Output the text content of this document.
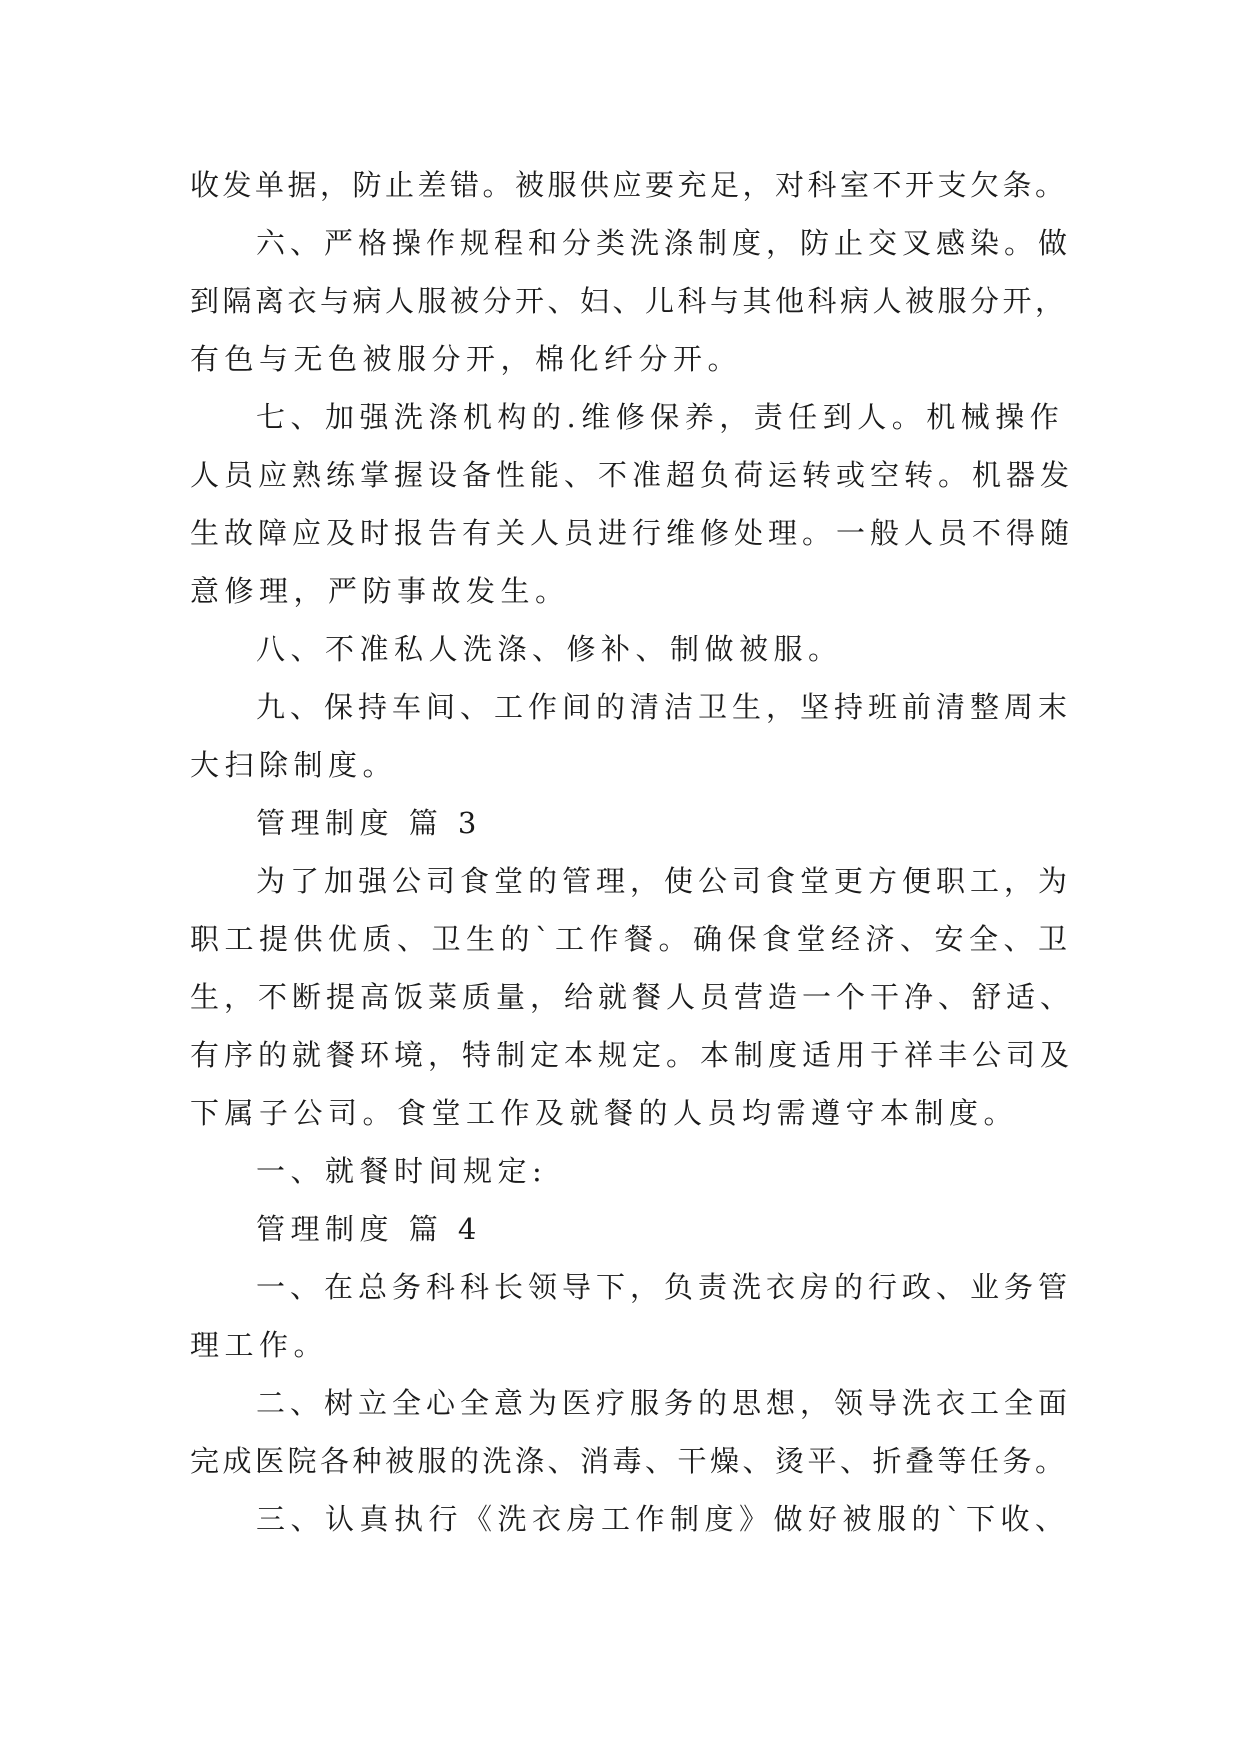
收发单据，防止差错。被服供应要充足，对科室不开支欠条。
六、严格操作规程和分类洗涤制度，防止交叉感染。做
到隔离衣与病人服被分开、妇、儿科与其他科病人被服分开，
有色与无色被服分开，棉化纤分开。
七、加强洗涤机构的.维修保养，责任到人。机械操作
人员应熟练掌握设备性能、不准超负荷运转或空转。机器发
生故障应及时报告有关人员进行维修处理。一般人员不得随
意修理，严防事故发生。
八、不准私人洗涤、修补、制做被服。
九、保持车间、工作间的清洁卫生，坚持班前清整周末
大扫除制度。
管理制度 篇 3
为了加强公司食堂的管理，使公司食堂更方便职工，为
职工提供优质、卫生的`工作餐。确保食堂经济、安全、卫
生，不断提高饭菜质量，给就餐人员营造一个干净、舒适、
有序的就餐环境，特制定本规定。本制度适用于祥丰公司及
下属子公司。食堂工作及就餐的人员均需遵守本制度。
一、就餐时间规定:
管理制度 篇 4
一、在总务科科长领导下，负责洗衣房的行政、业务管
理工作。
二、树立全心全意为医疗服务的思想，领导洗衣工全面
完成医院各种被服的洗涤、消毒、干燥、烫平、折叠等任务。
三、认真执行《洗衣房工作制度》做好被服的`下收、
